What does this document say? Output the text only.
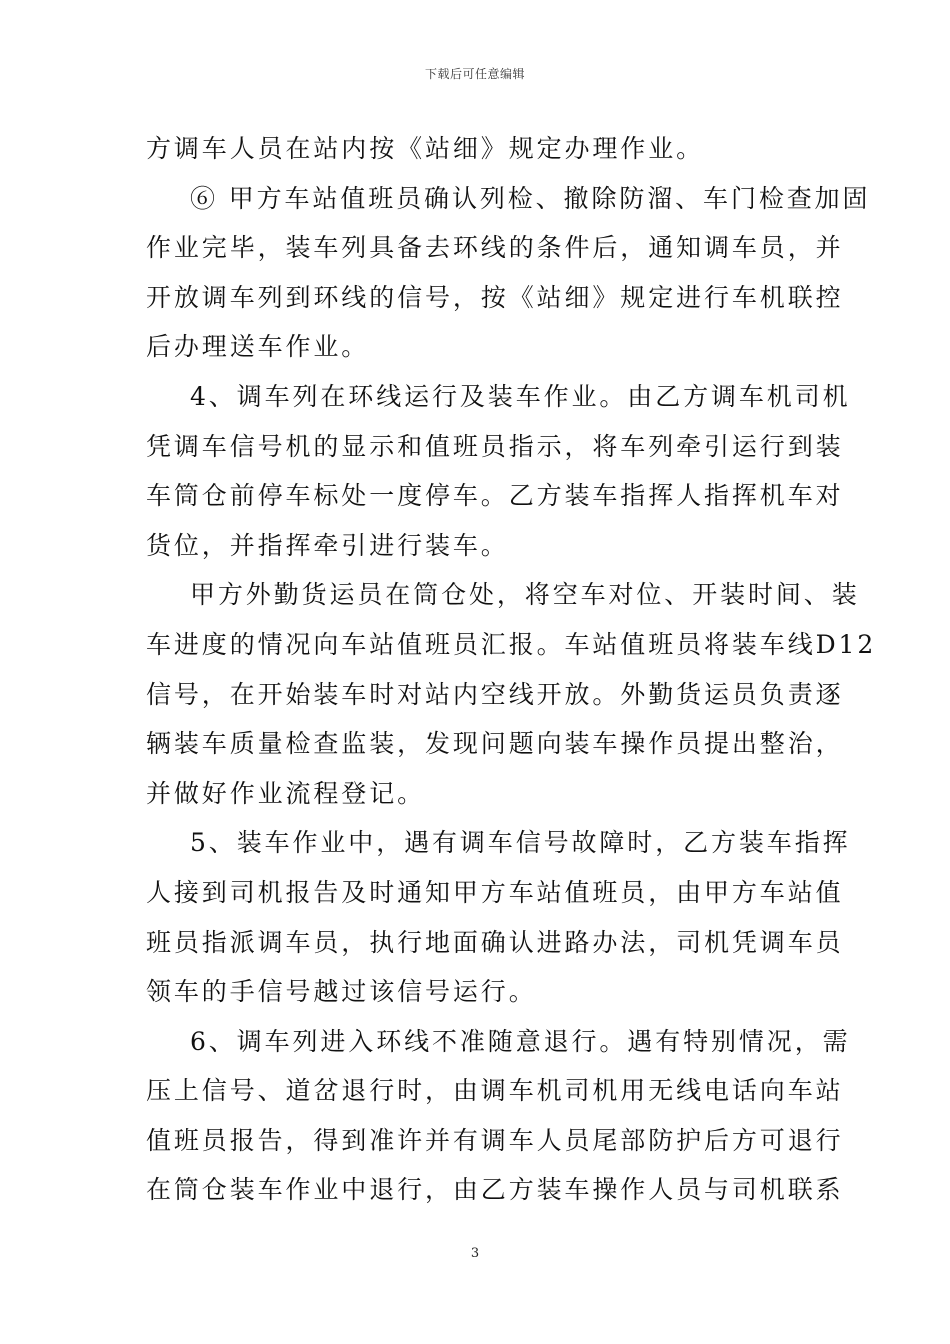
下载后可任意编辑
方调车人员在站内按《站细》规定办理作业。
⑥ 甲方车站值班员确认列检、撤除防溜、车门检查加固
作业完毕，装车列具备去环线的条件后，通知调车员，并
开放调车列到环线的信号，按《站细》规定进行车机联控
后办理送车作业。
4、调车列在环线运行及装车作业。由乙方调车机司机
凭调车信号机的显示和值班员指示，将车列牵引运行到装
车筒仓前停车标处一度停车。乙方装车指挥人指挥机车对
货位，并指挥牵引进行装车。
甲方外勤货运员在筒仓处，将空车对位、开装时间、装
车进度的情况向车站值班员汇报。车站值班员将装车线D12
信号，在开始装车时对站内空线开放。外勤货运员负责逐
辆装车质量检查监装，发现问题向装车操作员提出整治，
并做好作业流程登记。
5、装车作业中，遇有调车信号故障时，乙方装车指挥
人接到司机报告及时通知甲方车站值班员，由甲方车站值
班员指派调车员，执行地面确认进路办法，司机凭调车员
领车的手信号越过该信号运行。
6、调车列进入环线不准随意退行。遇有特别情况，需
压上信号、道岔退行时，由调车机司机用无线电话向车站
值班员报告，得到准许并有调车人员尾部防护后方可退行
在筒仓装车作业中退行，由乙方装车操作人员与司机联系
3
